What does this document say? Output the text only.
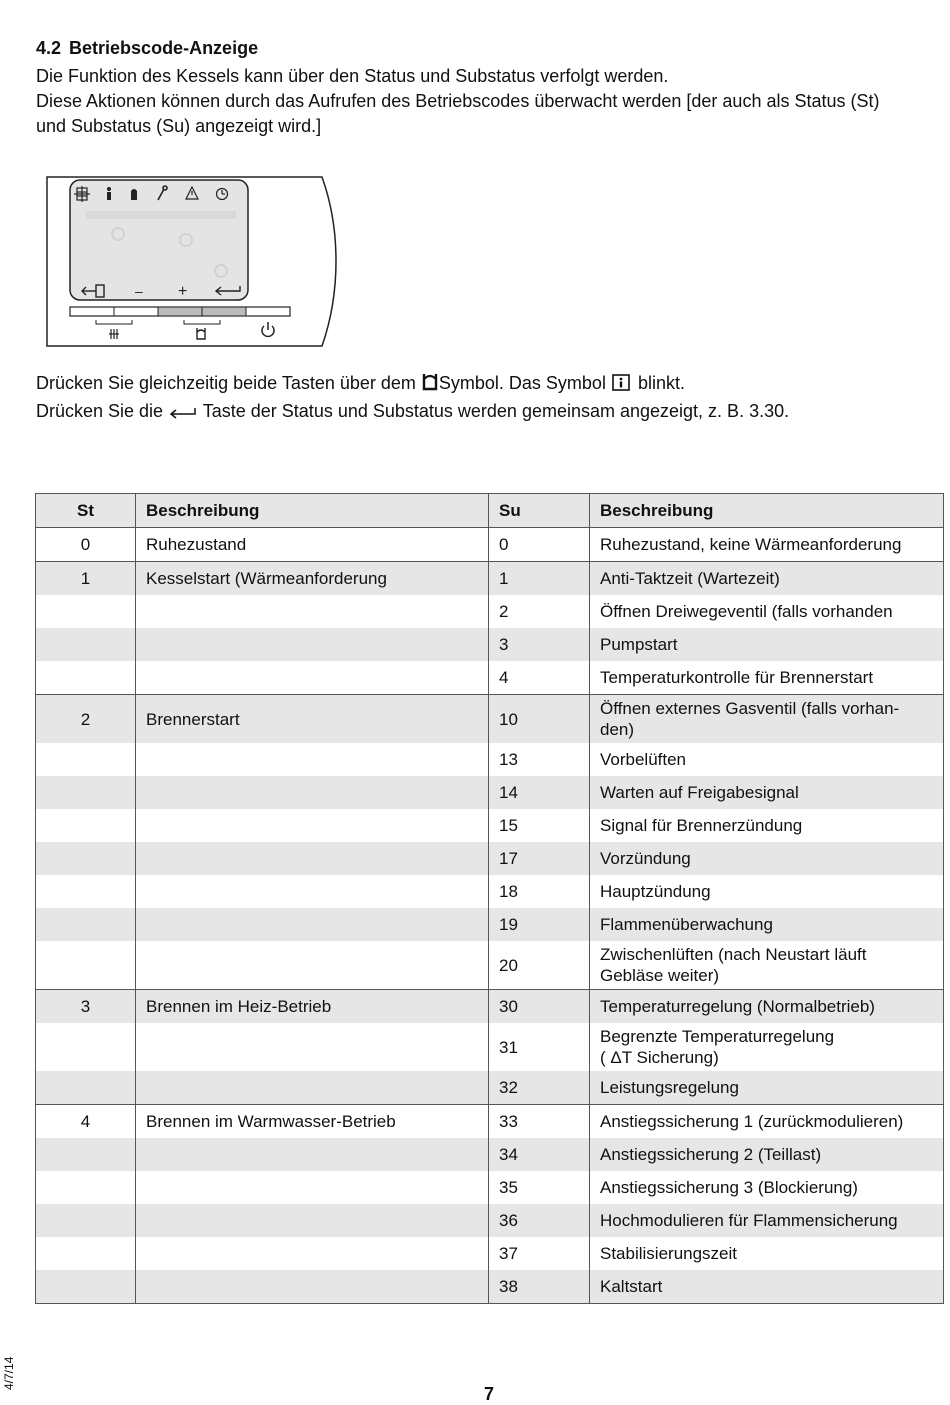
4.2 Betriebscode-Anzeige

Die Funktion des Kessels kann über den Status und Substatus verfolgt werden.

Diese Aktionen können durch das Aufrufen des Betriebscodes überwacht werden [der auch als Status (St)

und Substatus (Su) angezeigt wird.]

– +

Drücken Sie gleichzeitig beide Tasten über dem Symbol. Das Symbol  blinkt.

Drücken Sie die  Taste der Status und Substatus werden gemeinsam angezeigt, z. B. 3.30.

St	Beschreibung	Su	Beschreibung
0	Ruhezustand	0	Ruhezustand, keine Wärmeanforderung
1	Kesselstart (Wärmeanforderung	1	Anti-Taktzeit (Wartezeit)
		2	Öffnen Dreiwegeventil (falls vorhanden
		3	Pumpstart
		4	Temperaturkontrolle für Brennerstart
2	Brennerstart	10	Öffnen externes Gasventil (falls vorhan-
den)
		13	Vorbelüften
		14	Warten auf Freigabesignal
		15	Signal für Brennerzündung
		17	Vorzündung
		18	Hauptzündung
		19	Flammenüberwachung
		20	Zwischenlüften (nach Neustart läuft
Gebläse weiter)
3	Brennen im Heiz-Betrieb	30	Temperaturregelung (Normalbetrieb)
		31	Begrenzte Temperaturregelung
( ΔT Sicherung)
		32	Leistungsregelung
4	Brennen im Warmwasser-Betrieb	33	Anstiegssicherung 1 (zurückmodulieren)
		34	Anstiegssicherung 2 (Teillast)
		35	Anstiegssicherung 3 (Blockierung)
		36	Hochmodulieren für Flammensicherung
		37	Stabilisierungszeit
		38	Kaltstart
4/7/14
7
